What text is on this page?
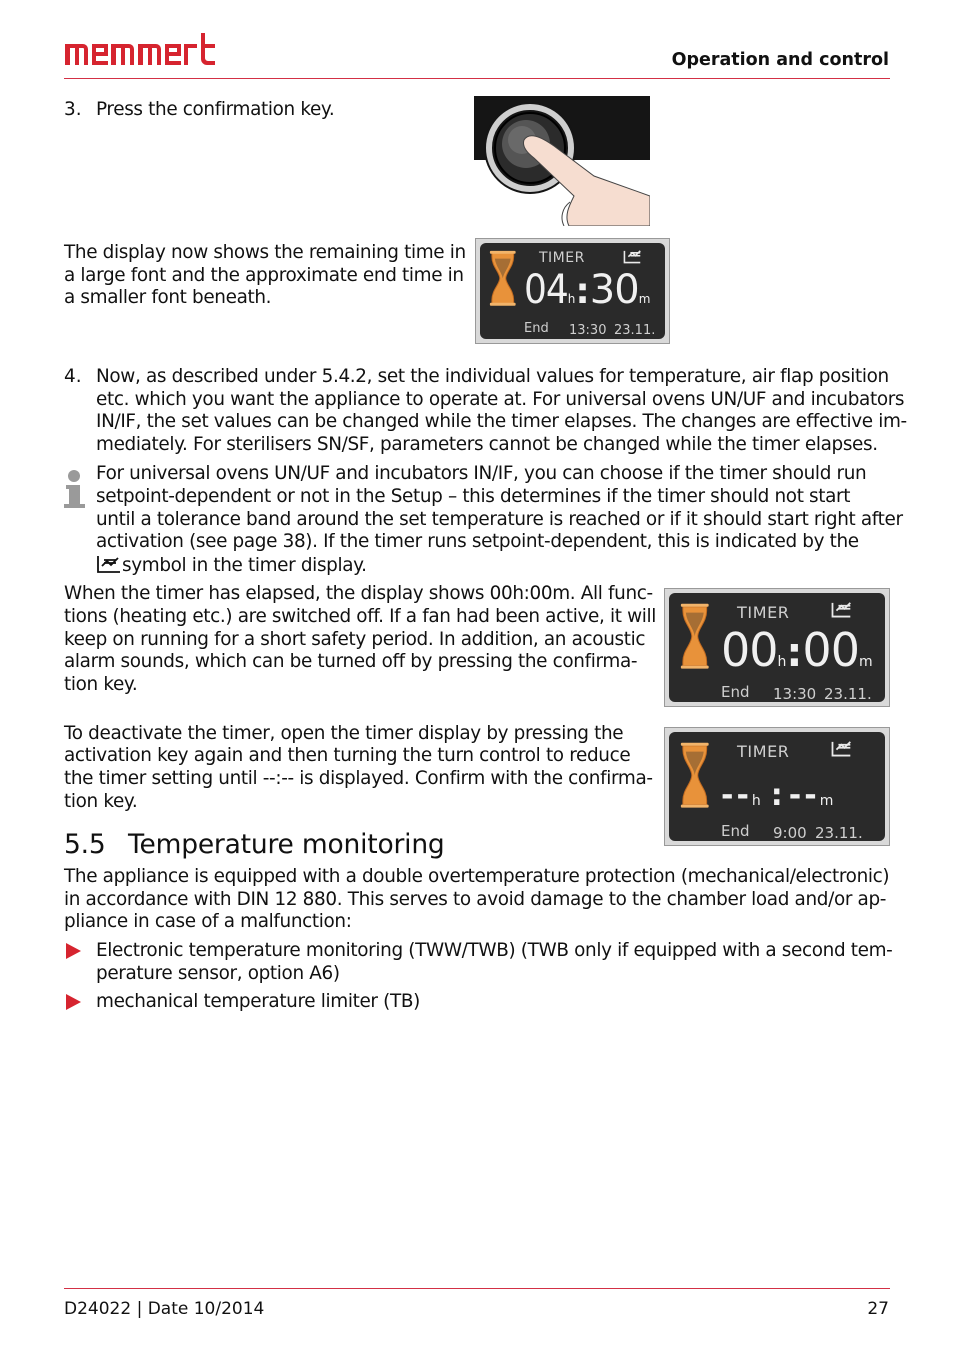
Operation and control
3. Press the confirmation key.
The display now shows the remaining time in
a large font and the approximate end time in
a smaller font beneath.
TIMER
04h:30m
End 13:30 23.11.
4. Now, as described under 5.4.2, set the individual values for temperature, air flap position
etc. which you want the appliance to operate at. For universal ovens UN/UF and incubators
IN/IF, the set values can be changed while the timer elapses. The changes are effective im-
mediately. For sterilisers SN/SF, parameters cannot be changed while the timer elapses.
For universal ovens UN/UF and incubators IN/IF, you can choose if the timer should run
setpoint-dependent or not in the Setup – this determines if the timer should not start
until a tolerance band around the set temperature is reached or if it should start right after
activation (see page 38). If the timer runs setpoint-dependent, this is indicated by the
symbol in the timer display.
When the timer has elapsed, the display shows 00h:00m. All func-
tions (heating etc.) are switched off. If a fan had been active, it will
keep on running for a short safety period. In addition, an acoustic
alarm sounds, which can be turned off by pressing the confirma-
tion key.
TIMER
00h:00m
End 13:30 23.11.
To deactivate the timer, open the timer display by pressing the
activation key again and then turning the turn control to reduce
the timer setting until --:-- is displayed. Confirm with the confirma-
tion key.
TIMER
--h : --m
End 9:00 23.11.
5.5 Temperature monitoring
The appliance is equipped with a double overtemperature protection (mechanical/electronic)
in accordance with DIN 12 880. This serves to avoid damage to the chamber load and/or ap-
pliance in case of a malfunction:
Electronic temperature monitoring (TWW/TWB) (TWB only if equipped with a second tem-
perature sensor, option A6)
mechanical temperature limiter (TB)
D24022 | Date 10/2014	27
